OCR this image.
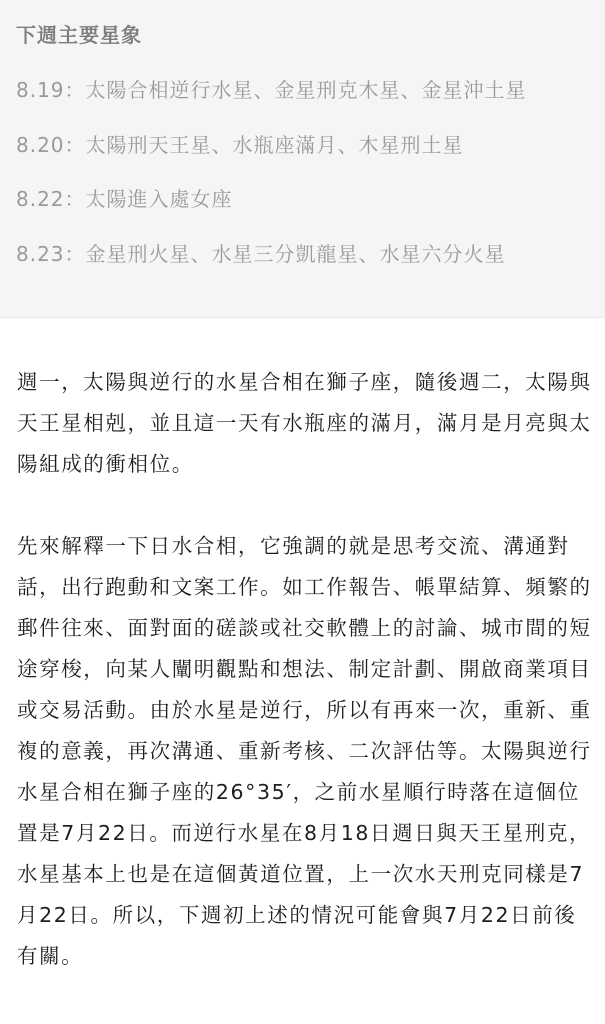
下週主要星象
8.19：太陽合相逆行水星、金星刑克木星、金星沖土星
8.20：太陽刑天王星、水瓶座滿月、木星刑土星
8.22：太陽進入處女座
8.23：金星刑火星、水星三分凱龍星、水星六分火星

週一，太陽與逆行的水星合相在獅子座，隨後週二，太陽與天王星相剋，並且這一天有水瓶座的滿月，滿月是月亮與太陽組成的衝相位。

先來解釋一下日水合相，它強調的就是思考交流、溝通對話，出行跑動和文案工作。如工作報告、帳單結算、頻繁的郵件往來、面對面的磋談或社交軟體上的討論、城市間的短途穿梭，向某人闡明觀點和想法、制定計劃、開啟商業項目或交易活動。由於水星是逆行，所以有再來一次，重新、重複的意義，再次溝通、重新考核、二次評估等。太陽與逆行水星合相在獅子座的26°35′，之前水星順行時落在這個位置是7月22日。而逆行水星在8月18日週日與天王星刑克，水星基本上也是在這個黃道位置，上一次水天刑克同樣是7月22日。所以，下週初上述的情況可能會與7月22日前後有關。
